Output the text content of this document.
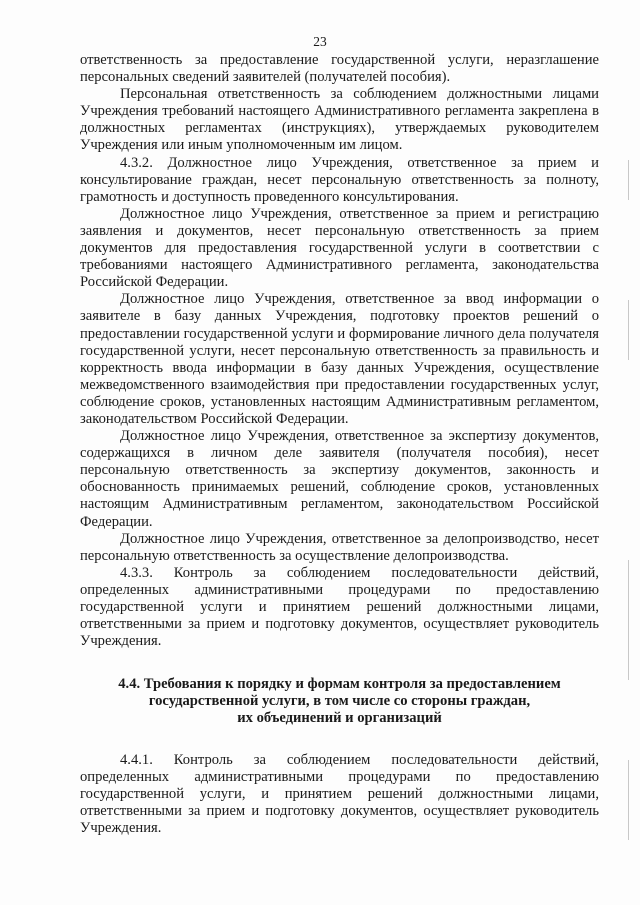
23

ответственность за предоставление государственной услуги, неразглашение персональных сведений заявителей (получателей пособия).

Персональная ответственность за соблюдением должностными лицами Учреждения требований настоящего Административного регламента закреплена в должностных регламентах (инструкциях), утверждаемых руководителем Учреждения или иным уполномоченным им лицом.

4.3.2. Должностное лицо Учреждения, ответственное за прием и консультирование граждан, несет персональную ответственность за полноту, грамотность и доступность проведенного консультирования.

Должностное лицо Учреждения, ответственное за прием и регистрацию заявления и документов, несет персональную ответственность за прием документов для предоставления государственной услуги в соответствии с требованиями настоящего Административного регламента, законодательства Российской Федерации.

Должностное лицо Учреждения, ответственное за ввод информации о заявителе в базу данных Учреждения, подготовку проектов решений о предоставлении государственной услуги и формирование личного дела получателя государственной услуги, несет персональную ответственность за правильность и корректность ввода информации в базу данных Учреждения, осуществление межведомственного взаимодействия при предоставлении государственных услуг, соблюдение сроков, установленных настоящим Административным регламентом, законодательством Российской Федерации.

Должностное лицо Учреждения, ответственное за экспертизу документов, содержащихся в личном деле заявителя (получателя пособия), несет персональную ответственность за экспертизу документов, законность и обоснованность принимаемых решений, соблюдение сроков, установленных настоящим Административным регламентом, законодательством Российской Федерации.

Должностное лицо Учреждения, ответственное за делопроизводство, несет персональную ответственность за осуществление делопроизводства.

4.3.3. Контроль за соблюдением последовательности действий, определенных административными процедурами по предоставлению государственной услуги и принятием решений должностными лицами, ответственными за прием и подготовку документов, осуществляет руководитель Учреждения.

4.4. Требования к порядку и формам контроля за предоставлением
государственной услуги, в том числе со стороны граждан,
их объединений и организаций

4.4.1. Контроль за соблюдением последовательности действий, определенных административными процедурами по предоставлению государственной услуги, и принятием решений должностными лицами, ответственными за прием и подготовку документов, осуществляет руководитель Учреждения.
